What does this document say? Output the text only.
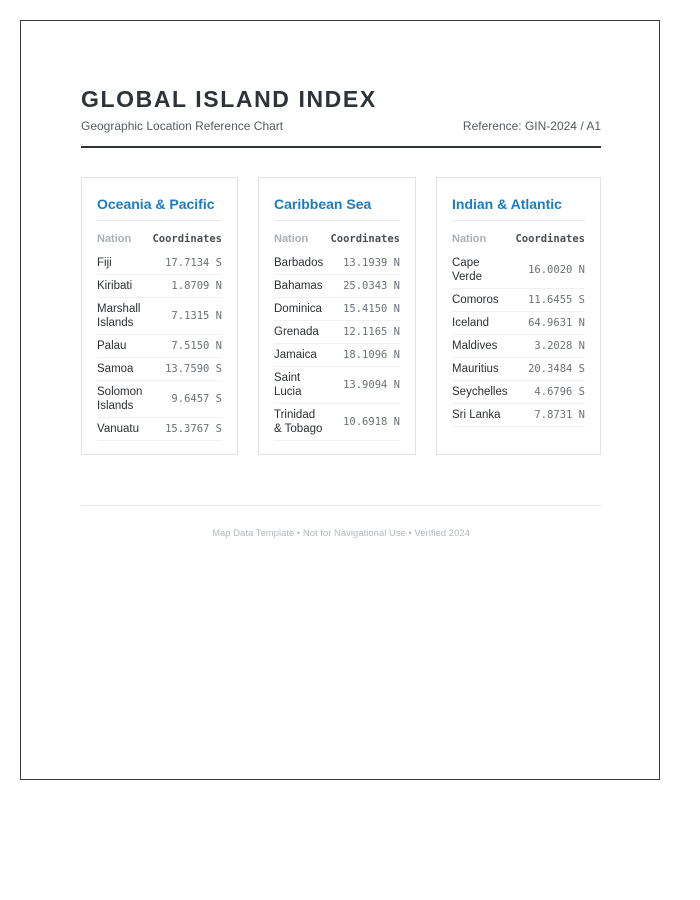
GLOBAL ISLAND INDEX
Geographic Location Reference Chart	Reference: GIN-2024 / A1
Oceania & Pacific
Nation	Coordinates
Fiji	17.7134 S
Kiribati	1.8709 N
Marshall Islands	7.1315 N
Palau	7.5150 N
Samoa	13.7590 S
Solomon Islands	9.6457 S
Vanuatu	15.3767 S
Caribbean Sea
Nation	Coordinates
Barbados	13.1939 N
Bahamas	25.0343 N
Dominica	15.4150 N
Grenada	12.1165 N
Jamaica	18.1096 N
Saint Lucia	13.9094 N
Trinidad & Tobago	10.6918 N
Indian & Atlantic
Nation	Coordinates
Cape Verde	16.0020 N
Comoros	11.6455 S
Iceland	64.9631 N
Maldives	3.2028 N
Mauritius	20.3484 S
Seychelles	4.6796 S
Sri Lanka	7.8731 N
Map Data Template • Not for Navigational Use • Verified 2024
